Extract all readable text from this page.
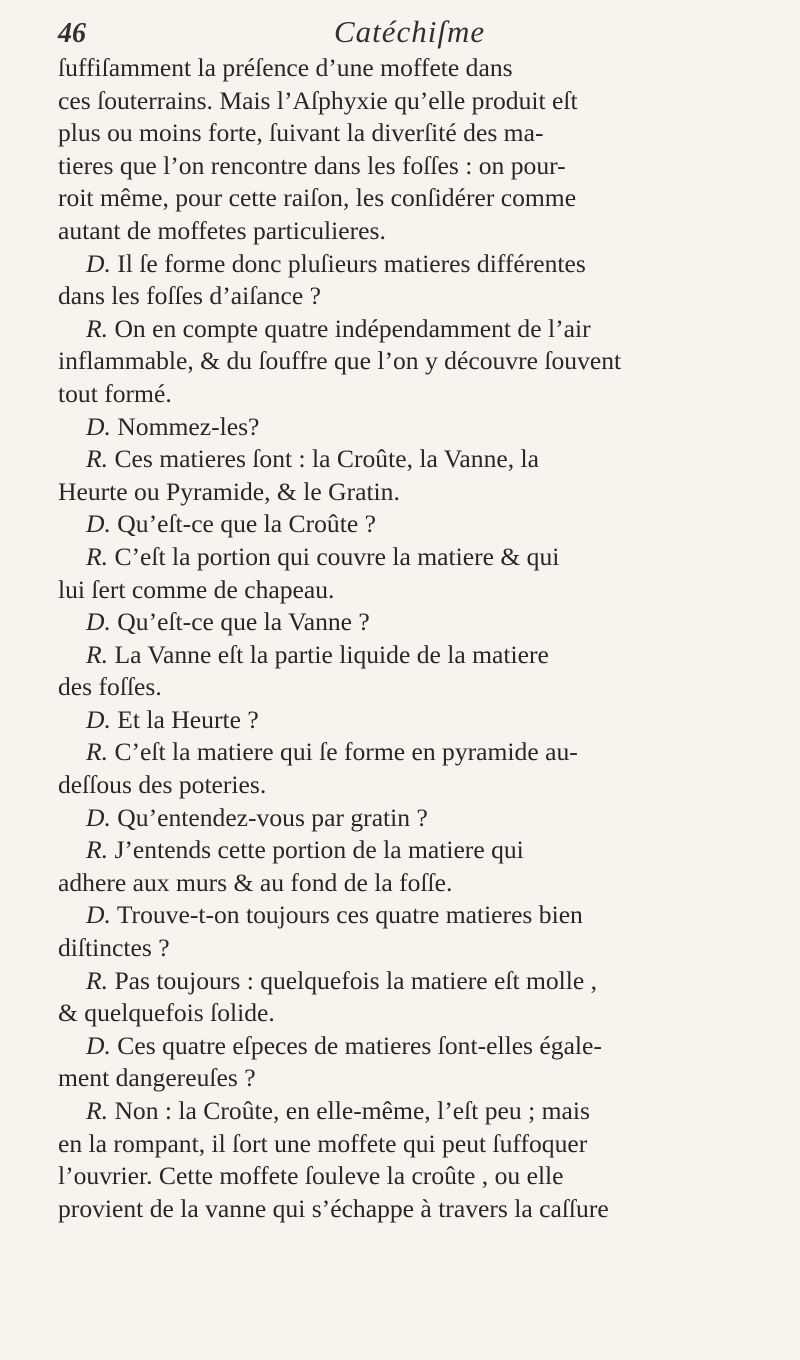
46	Catéchiſme
ſuffiſamment la préſence d’une moffete dans
ces ſouterrains. Mais l’Aſphyxie qu’elle produit eſt
plus ou moins forte, ſuivant la diverſité des ma-
tieres que l’on rencontre dans les foſſes : on pour-
roit même, pour cette raiſon, les conſidérer comme
autant de moffetes particulieres.
D. Il ſe forme donc pluſieurs matieres différentes
dans les foſſes d’aiſance ?
R. On en compte quatre indépendamment de l’air
inflammable, & du ſouffre que l’on y découvre ſouvent
tout formé.
D. Nommez-les?
R. Ces matieres ſont : la Croûte, la Vanne, la
Heurte ou Pyramide, & le Gratin.
D. Qu’eſt-ce que la Croûte ?
R. C’eſt la portion qui couvre la matiere & qui
lui ſert comme de chapeau.
D. Qu’eſt-ce que la Vanne ?
R. La Vanne eſt la partie liquide de la matiere
des foſſes.
D. Et la Heurte ?
R. C’eſt la matiere qui ſe forme en pyramide au-
deſſous des poteries.
D. Qu’entendez-vous par gratin ?
R. J’entends cette portion de la matiere qui
adhere aux murs & au fond de la foſſe.
D. Trouve-t-on toujours ces quatre matieres bien
diſtinctes ?
R. Pas toujours : quelquefois la matiere eſt molle ,
& quelquefois ſolide.
D. Ces quatre eſpeces de matieres ſont-elles égale-
ment dangereuſes ?
R. Non : la Croûte, en elle-même, l’eſt peu ; mais
en la rompant, il ſort une moffete qui peut ſuffoquer
l’ouvrier. Cette moffete ſouleve la croûte , ou elle
provient de la vanne qui s’échappe à travers la caſſure
